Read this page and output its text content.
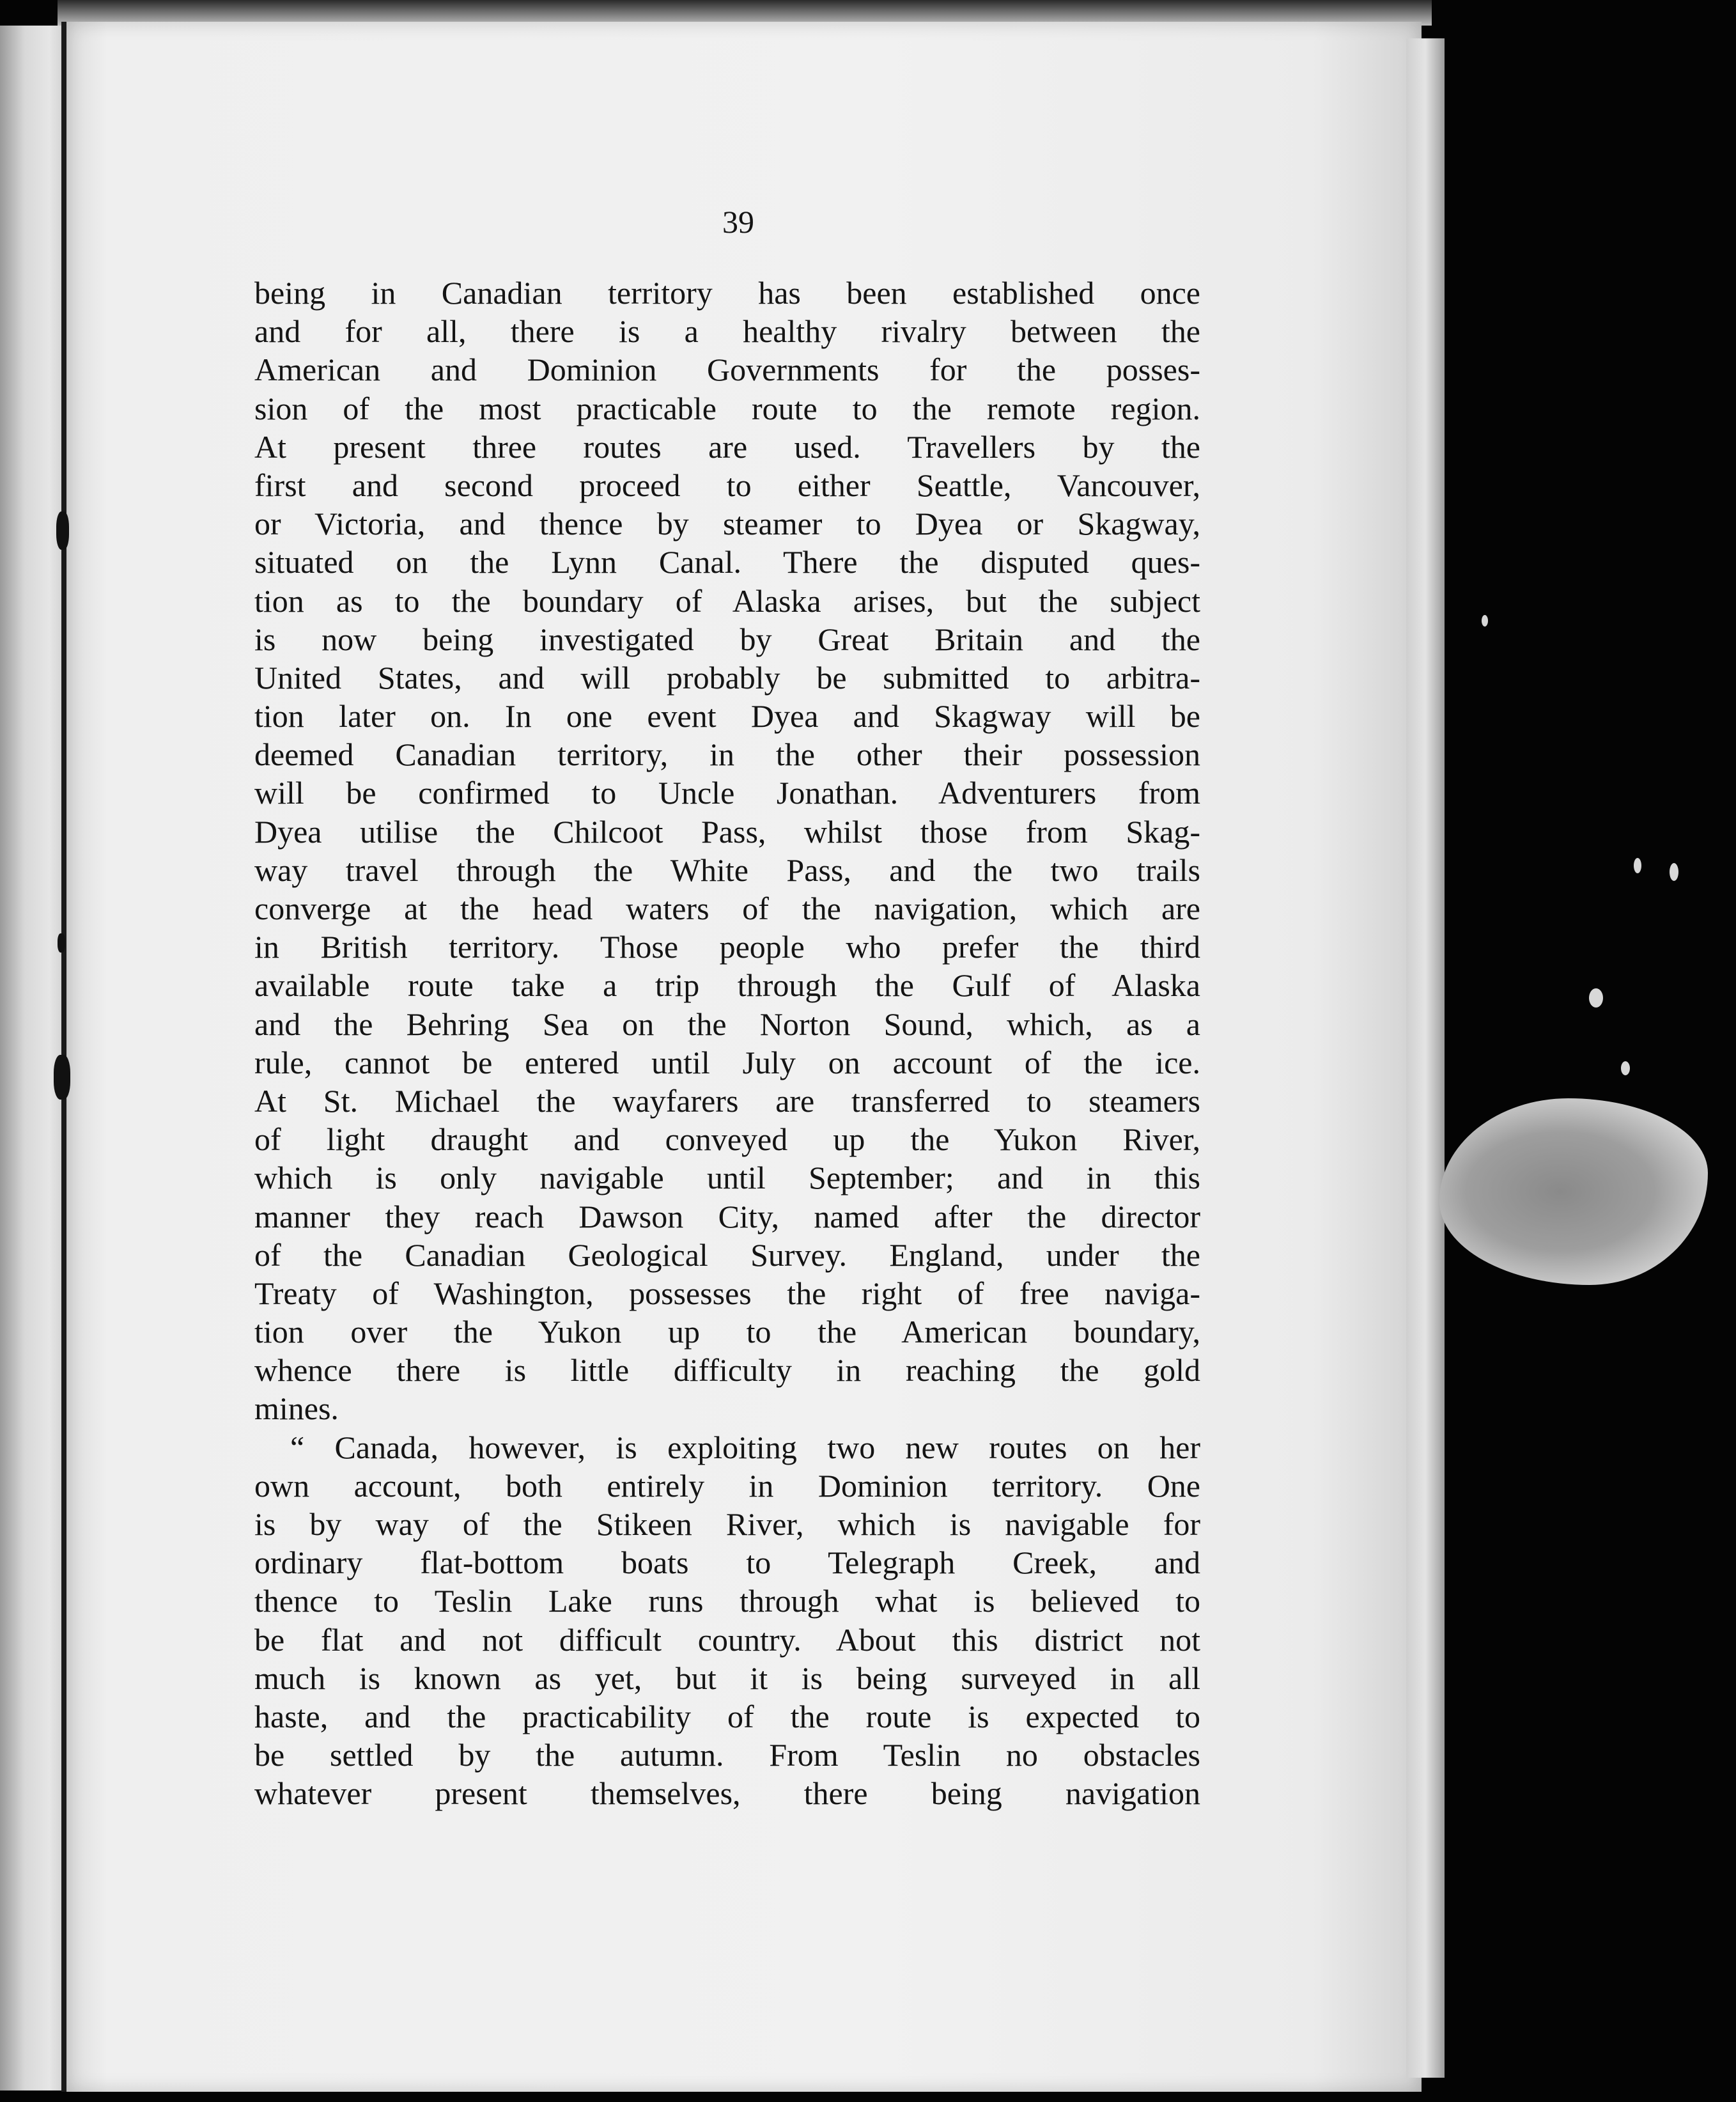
39
being in Canadian territory has been established once
and for all, there is a healthy rivalry between the
American and Dominion Governments for the posses-
sion of the most practicable route to the remote region.
At present three routes are used. Travellers by the
first and second proceed to either Seattle, Vancouver,
or Victoria, and thence by steamer to Dyea or Skagway,
situated on the Lynn Canal. There the disputed ques-
tion as to the boundary of Alaska arises, but the subject
is now being investigated by Great Britain and the
United States, and will probably be submitted to arbitra-
tion later on. In one event Dyea and Skagway will be
deemed Canadian territory, in the other their possession
will be confirmed to Uncle Jonathan. Adventurers from
Dyea utilise the Chilcoot Pass, whilst those from Skag-
way travel through the White Pass, and the two trails
converge at the head waters of the navigation, which are
in British territory. Those people who prefer the third
available route take a trip through the Gulf of Alaska
and the Behring Sea on the Norton Sound, which, as a
rule, cannot be entered until July on account of the ice.
At St. Michael the wayfarers are transferred to steamers
of light draught and conveyed up the Yukon River,
which is only navigable until September; and in this
manner they reach Dawson City, named after the director
of the Canadian Geological Survey. England, under the
Treaty of Washington, possesses the right of free naviga-
tion over the Yukon up to the American boundary,
whence there is little difficulty in reaching the gold
mines.
“ Canada, however, is exploiting two new routes on her
own account, both entirely in Dominion territory. One
is by way of the Stikeen River, which is navigable for
ordinary flat-bottom boats to Telegraph Creek, and
thence to Teslin Lake runs through what is believed to
be flat and not difficult country. About this district not
much is known as yet, but it is being surveyed in all
haste, and the practicability of the route is expected to
be settled by the autumn. From Teslin no obstacles
whatever present themselves, there being navigation
